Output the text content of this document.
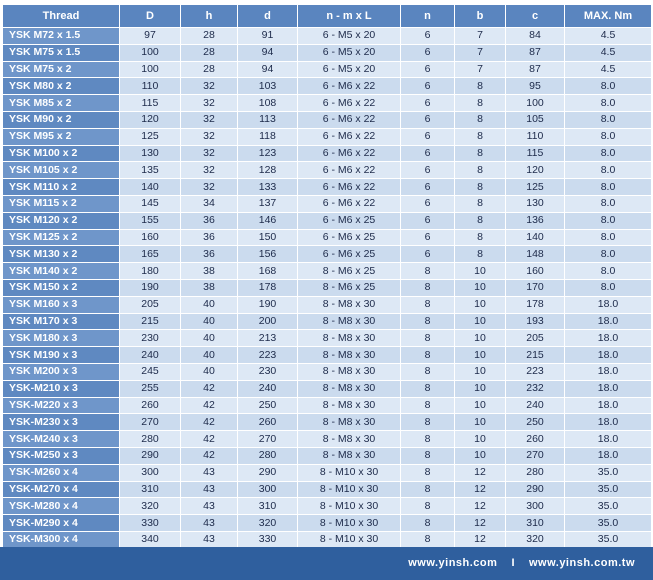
Thread	D	h	d	n - m x L	n	b	c	MAX. Nm
YSK M72 x 1.5	97	28	91	6 - M5 x 20	6	7	84	4.5
YSK M75 x 1.5	100	28	94	6 - M5 x 20	6	7	87	4.5
YSK M75 x 2	100	28	94	6 - M5 x 20	6	7	87	4.5
YSK M80 x 2	110	32	103	6 - M6 x 22	6	8	95	8.0
YSK M85 x 2	115	32	108	6 - M6 x 22	6	8	100	8.0
YSK M90 x 2	120	32	113	6 - M6 x 22	6	8	105	8.0
YSK M95 x 2	125	32	118	6 - M6 x 22	6	8	110	8.0
YSK M100 x 2	130	32	123	6 - M6 x 22	6	8	115	8.0
YSK M105 x 2	135	32	128	6 - M6 x 22	6	8	120	8.0
YSK M110 x 2	140	32	133	6 - M6 x 22	6	8	125	8.0
YSK M115 x 2	145	34	137	6 - M6 x 22	6	8	130	8.0
YSK M120 x 2	155	36	146	6 - M6 x 25	6	8	136	8.0
YSK M125 x 2	160	36	150	6 - M6 x 25	6	8	140	8.0
YSK M130 x 2	165	36	156	6 - M6 x 25	6	8	148	8.0
YSK M140 x 2	180	38	168	8 - M6 x 25	8	10	160	8.0
YSK M150 x 2	190	38	178	8 - M6 x 25	8	10	170	8.0
YSK M160 x 3	205	40	190	8 - M8 x 30	8	10	178	18.0
YSK M170 x 3	215	40	200	8 - M8 x 30	8	10	193	18.0
YSK M180 x 3	230	40	213	8 - M8 x 30	8	10	205	18.0
YSK M190 x 3	240	40	223	8 - M8 x 30	8	10	215	18.0
YSK M200 x 3	245	40	230	8 - M8 x 30	8	10	223	18.0
YSK-M210 x 3	255	42	240	8 - M8 x 30	8	10	232	18.0
YSK-M220 x 3	260	42	250	8 - M8 x 30	8	10	240	18.0
YSK-M230 x 3	270	42	260	8 - M8 x 30	8	10	250	18.0
YSK-M240 x 3	280	42	270	8 - M8 x 30	8	10	260	18.0
YSK-M250 x 3	290	42	280	8 - M8 x 30	8	10	270	18.0
YSK-M260 x 4	300	43	290	8 - M10 x 30	8	12	280	35.0
YSK-M270 x 4	310	43	300	8 - M10 x 30	8	12	290	35.0
YSK-M280 x 4	320	43	310	8 - M10 x 30	8	12	300	35.0
YSK-M290 x 4	330	43	320	8 - M10 x 30	8	12	310	35.0
YSK-M300 x 4	340	43	330	8 - M10 x 30	8	12	320	35.0
www.yinsh.com I www.yinsh.com.tw
